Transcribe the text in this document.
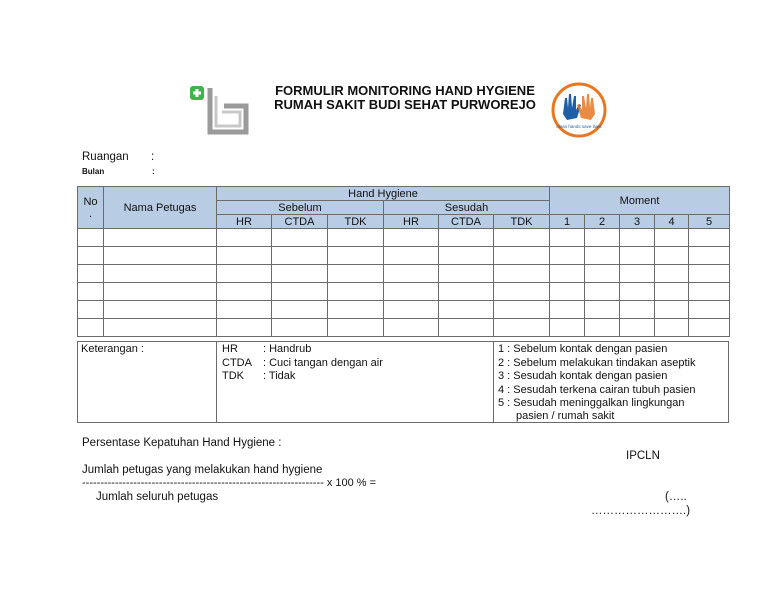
FORMULIR MONITORING HAND HYGIENE
RUMAH SAKIT BUDI SEHAT PURWOREJO
clean hands save lives
Ruangan :
Bulan	:
No
.	Nama Petugas	Hand Hygiene						Moment				
		Sebelum			Sesudah							
		HR	CTDA	TDK	HR	CTDA	TDK	1	2	3	4	5

Keterangan :	HR : Handrub
CTDA : Cuci tangan dengan air
TDK : Tidak
1 : Sebelum kontak dengan pasien
2 : Sebelum melakukan tindakan aseptik
3 : Sesudah kontak dengan pasien
4 : Sesudah terkena cairan tubuh pasien
5 : Sesudah meninggalkan lingkungan
pasien / rumah sakit
Persentase Kepatuhan Hand Hygiene :
Jumlah petugas yang melakukan hand hygiene
------------------------------------------------------------------ x 100 % =
Jumlah seluruh petugas
IPCLN
(…..
…………………….)
